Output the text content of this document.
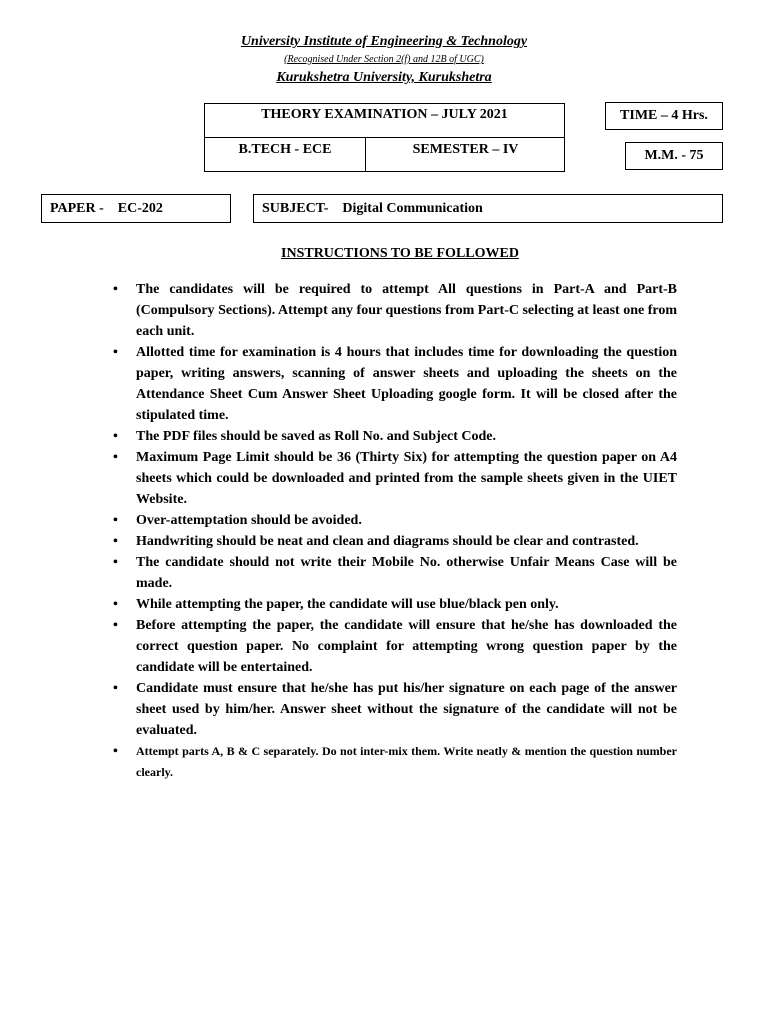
University Institute of Engineering & Technology
(Recognised Under Section 2(f) and 12B of UGC)
Kurukshetra University, Kurukshetra
THEORY EXAMINATION – JULY 2021
B.TECH - ECE	SEMESTER – IV
TIME – 4 Hrs.
M.M. - 75
PAPER - EC-202	SUBJECT- Digital Communication
INSTRUCTIONS TO BE FOLLOWED
• The candidates will be required to attempt All questions in Part-A and Part-B (Compulsory Sections). Attempt any four questions from Part-C selecting at least one from each unit.
• Allotted time for examination is 4 hours that includes time for downloading the question paper, writing answers, scanning of answer sheets and uploading the sheets on the Attendance Sheet Cum Answer Sheet Uploading google form. It will be closed after the stipulated time.
• The PDF files should be saved as Roll No. and Subject Code.
• Maximum Page Limit should be 36 (Thirty Six) for attempting the question paper on A4 sheets which could be downloaded and printed from the sample sheets given in the UIET Website.
• Over-attemptation should be avoided.
• Handwriting should be neat and clean and diagrams should be clear and contrasted.
• The candidate should not write their Mobile No. otherwise Unfair Means Case will be made.
• While attempting the paper, the candidate will use blue/black pen only.
• Before attempting the paper, the candidate will ensure that he/she has downloaded the correct question paper. No complaint for attempting wrong question paper by the candidate will be entertained.
• Candidate must ensure that he/she has put his/her signature on each page of the answer sheet used by him/her. Answer sheet without the signature of the candidate will not be evaluated.
• Attempt parts A, B & C separately. Do not inter-mix them. Write neatly & mention the question number clearly.
